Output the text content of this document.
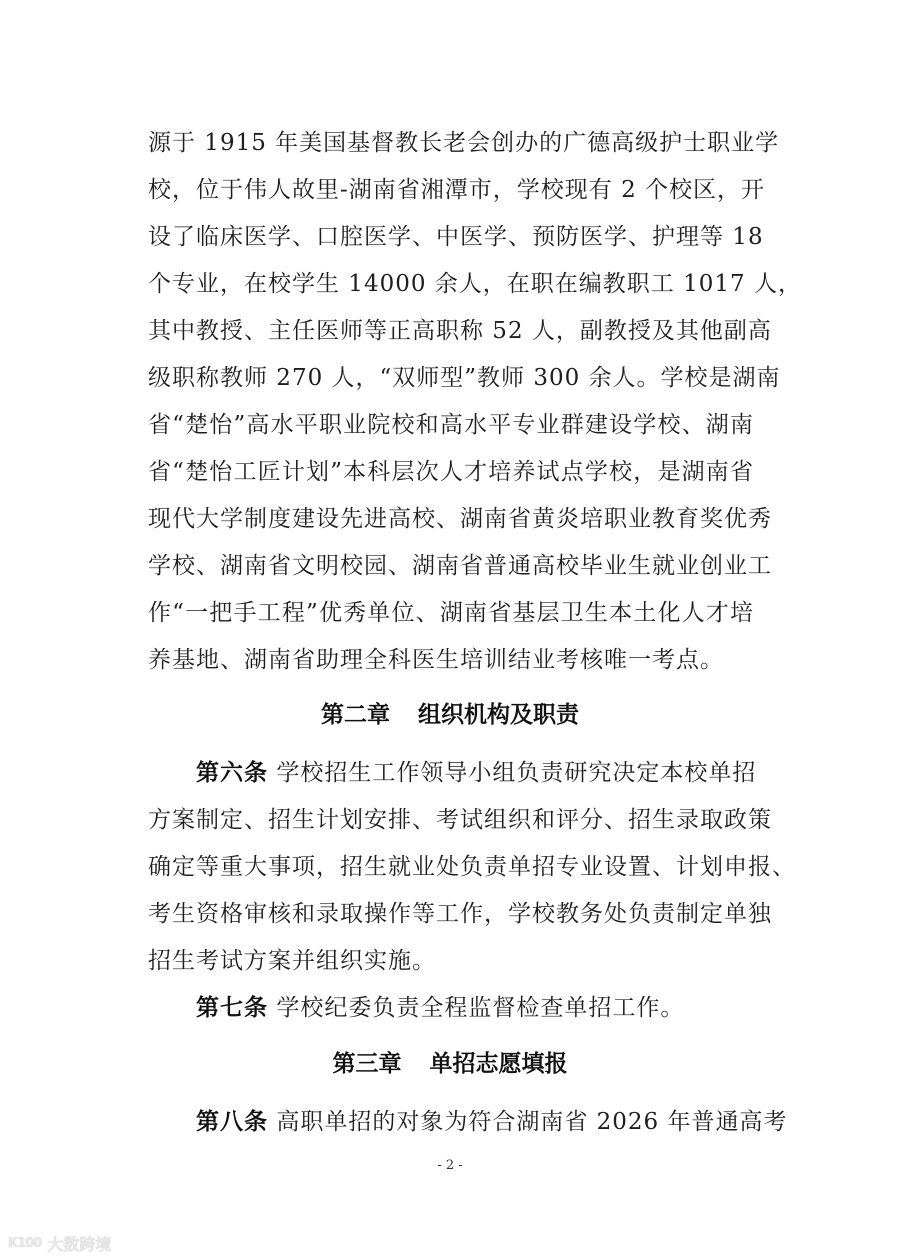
源于 1915 年美国基督教长老会创办的广德高级护士职业学
校，位于伟人故里-湖南省湘潭市，学校现有 2 个校区，开
设了临床医学、口腔医学、中医学、预防医学、护理等 18
个专业，在校学生 14000 余人，在职在编教职工 1017 人，
其中教授、主任医师等正高职称 52 人，副教授及其他副高
级职称教师 270 人，“双师型”教师 300 余人。学校是湖南
省“楚怡”高水平职业院校和高水平专业群建设学校、湖南
省“楚怡工匠计划”本科层次人才培养试点学校，是湖南省
现代大学制度建设先进高校、湖南省黄炎培职业教育奖优秀
学校、湖南省文明校园、湖南省普通高校毕业生就业创业工
作“一把手工程”优秀单位、湖南省基层卫生本土化人才培
养基地、湖南省助理全科医生培训结业考核唯一考点。
第二章 组织机构及职责
第六条 学校招生工作领导小组负责研究决定本校单招
方案制定、招生计划安排、考试组织和评分、招生录取政策
确定等重大事项，招生就业处负责单招专业设置、计划申报、
考生资格审核和录取操作等工作，学校教务处负责制定单独
招生考试方案并组织实施。
第七条 学校纪委负责全程监督检查单招工作。
第三章 单招志愿填报
第八条 高职单招的对象为符合湖南省 2026 年普通高考
- 2 -
K100 大数跨境
